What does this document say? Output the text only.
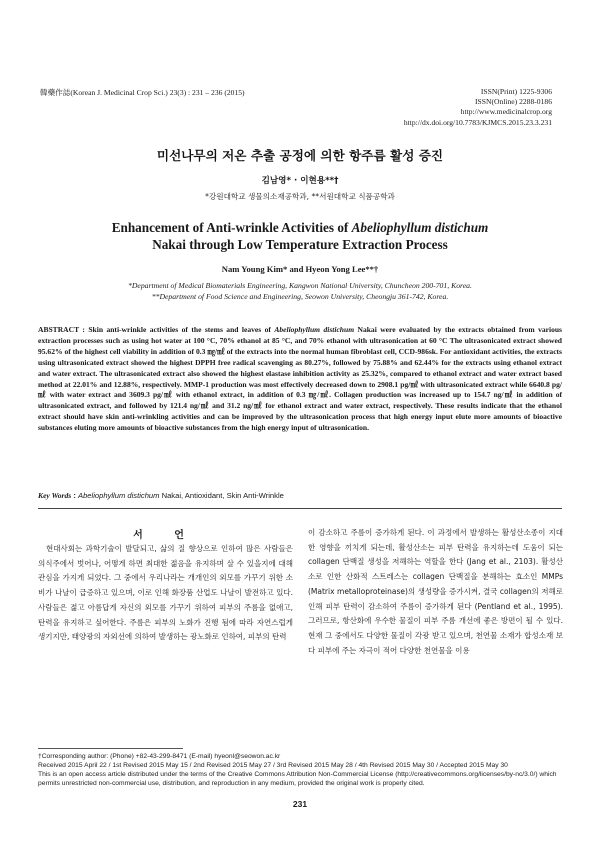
韓藥作誌(Korean J. Medicinal Crop Sci.) 23(3) : 231 – 236 (2015)	ISSN(Print) 1225-9306
ISSN(Online) 2288-0186
http://www.medicinalcrop.org
http://dx.doi.org/10.7783/KJMCS.2015.23.3.231
미선나무의 저온 추출 공정에 의한 항주름 활성 증진
김남영* · 이현용**†
*강원대학교 생물의소재공학과, **서원대학교 식품공학과
Enhancement of Anti-wrinkle Activities of Abeliophyllum distichum
Nakai through Low Temperature Extraction Process
Nam Young Kim* and Hyeon Yong Lee**†
*Department of Medical Biomaterials Engineering, Kangwon National University, Chuncheon 200-701, Korea.
**Department of Food Science and Engineering, Seowon University, Cheongju 361-742, Korea.
ABSTRACT : Skin anti-wrinkle activities of the stems and leaves of Abeliophyllum distichum Nakai were evaluated by the extracts obtained from various extraction processes such as using hot water at 100 °C, 70% ethanol at 85 °C, and 70% ethanol with ultrasonication at 60 °C The ultrasonicated extract showed 95.62% of the highest cell viability in addition of 0.3 ㎎/㎖ of the extracts into the normal human fibroblast cell, CCD-986sk. For antioxidant activities, the extracts using ultrasonicated extract showed the highest DPPH free radical scavenging as 80.27%, followed by 75.88% and 62.44% for the extracts using ethanol extract and water extract. The ultrasonicated extract also showed the highest elastase inhibition activity as 25.32%, compared to ethanol extract and water extract based method at 22.01% and 12.88%, respectively. MMP-1 production was most effectively decreased down to 2908.1 pg/㎖ with ultrasonicated extract while 6640.8 pg/㎖ with water extract and 3609.3 pg/㎖ with ethanol extract, in addition of 0.3 ㎎/㎖. Collagen production was increased up to 154.7 ng/㎖ in addition of ultrasonicated extract, and followed by 121.4 ng/㎖ and 31.2 ng/㎖ for ethanol extract and water extract, respectively. These results indicate that the ethanol extract should have skin anti-wrinkling activities and can be improved by the ultrasonication process that high energy input elute more amounts of bioactive substances eluting more amounts of bioactive substances from the high energy input of ultrasonication.
Key Words : Abeliophyllum distichum Nakai, Antioxidant, Skin Anti-Wrinkle
서 언

현대사회는 과학기술이 발달되고, 삶의 질 향상으로 인하여 많은 사람들은 의식주에서 벗어나, 어떻게 하면 최대한 젊음을 유지하며 살 수 있을지에 대해 관심을 가지게 되었다. 그 중에서 우리나라는 개개인의 외모를 가꾸기 위한 소비가 나날이 급증하고 있으며, 이로 인해 화장품 산업도 나날이 발전하고 있다. 사람들은 젊고 아름답게 자신의 외모를 가꾸기 위하여 피부의 주름을 없애고, 탄력을 유지하고 싶어한다. 주름은 피부의 노화가 진행 됨에 따라 자연스럽게 생기지만, 태양광의 자외선에 의하여 발생하는 광노화로 인하여, 피부의 탄력

이 감소하고 주름이 증가하게 된다. 이 과정에서 발생하는 활성산소종이 지대한 영향을 끼치게 되는데, 활성산소는 피부 탄력을 유지하는데 도움이 되는 collagen 단백질 생성을 저해하는 역할을 한다 (Jang et al., 2103). 활성산소로 인한 산화적 스트레스는 collagen 단백질을 분해하는 효소인 MMPs (Matrix metalloproteinase)의 생성량을 증가시켜, 결국 collagen의 저해로 인해 피부 탄력이 감소하여 주름이 증가하게 된다 (Pentland et al., 1995). 그러므로, 항산화에 우수한 물질이 피부 주름 개선에 좋은 방편이 될 수 있다. 현재 그 중에서도 다양한 물질이 각광 받고 있으며, 천연물 소재가 합성소재 보다 피부에 주는 자극이 적어 다양한 천연물을 이용

†Corresponding author: (Phone) +82-43-299-8471 (E-mail) hyeonl@seowon.ac.kr

Received 2015 April 22 / 1st Revised 2015 May 15 / 2nd Revised 2015 May 27 / 3rd Revised 2015 May 28 / 4th Revised 2015 May 30 / Accepted 2015 May 30

This is an open access article distributed under the terms of the Creative Commons Attribution Non-Commercial License (http://creativecommons.org/licenses/by-nc/3.0/) which permits unrestricted non-commercial use, distribution, and reproduction in any medium, provided the original work is properly cited.

231
